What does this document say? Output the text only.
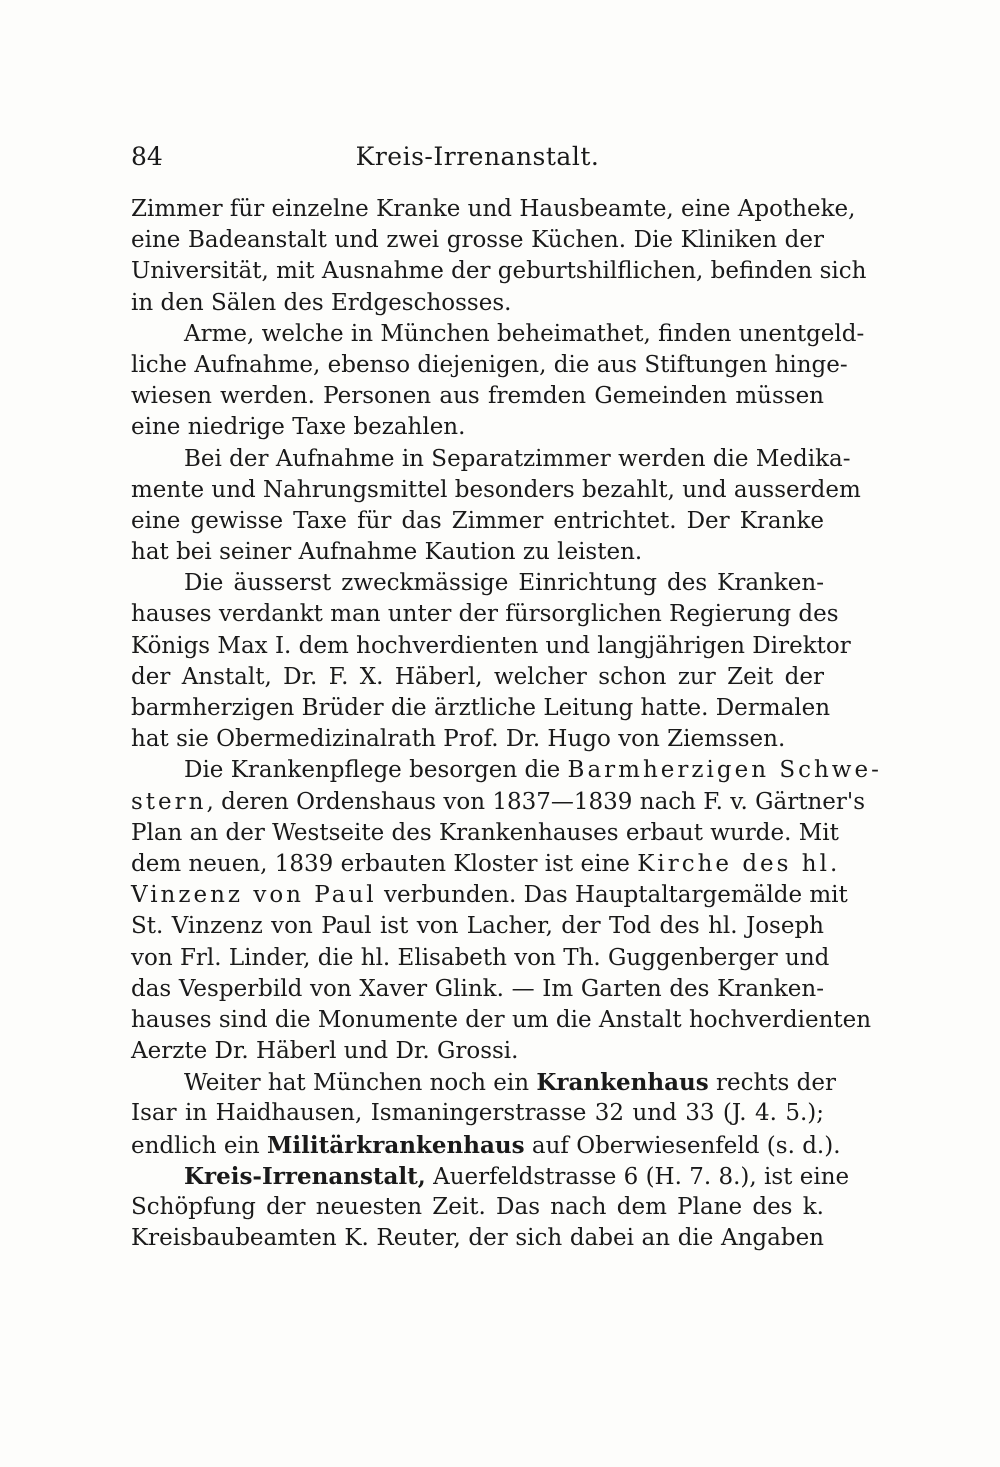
84	Kreis-Irrenanstalt.
Zimmer für einzelne Kranke und Hausbeamte, eine Apotheke,
eine Badeanstalt und zwei grosse Küchen. Die Kliniken der
Universität, mit Ausnahme der geburtshilflichen, befinden sich
in den Sälen des Erdgeschosses.
Arme, welche in München beheimathet, finden unentgeld-
liche Aufnahme, ebenso diejenigen, die aus Stiftungen hinge-
wiesen werden. Personen aus fremden Gemeinden müssen
eine niedrige Taxe bezahlen.
Bei der Aufnahme in Separatzimmer werden die Medika-
mente und Nahrungsmittel besonders bezahlt, und ausserdem
eine gewisse Taxe für das Zimmer entrichtet. Der Kranke
hat bei seiner Aufnahme Kaution zu leisten.
Die äusserst zweckmässige Einrichtung des Kranken-
hauses verdankt man unter der fürsorglichen Regierung des
Königs Max I. dem hochverdienten und langjährigen Direktor
der Anstalt, Dr. F. X. Häberl, welcher schon zur Zeit der
barmherzigen Brüder die ärztliche Leitung hatte. Dermalen
hat sie Obermedizinalrath Prof. Dr. Hugo von Ziemssen.
Die Krankenpflege besorgen die Barmherzigen Schwe-
stern, deren Ordenshaus von 1837—1839 nach F. v. Gärtner's
Plan an der Westseite des Krankenhauses erbaut wurde. Mit
dem neuen, 1839 erbauten Kloster ist eine Kirche des hl.
Vinzenz von Paul verbunden. Das Hauptaltargemälde mit
St. Vinzenz von Paul ist von Lacher, der Tod des hl. Joseph
von Frl. Linder, die hl. Elisabeth von Th. Guggenberger und
das Vesperbild von Xaver Glink. — Im Garten des Kranken-
hauses sind die Monumente der um die Anstalt hochverdienten
Aerzte Dr. Häberl und Dr. Grossi.
Weiter hat München noch ein Krankenhaus rechts der
Isar in Haidhausen, Ismaningerstrasse 32 und 33 (J. 4. 5.);
endlich ein Militärkrankenhaus auf Oberwiesenfeld (s. d.).
Kreis-Irrenanstalt, Auerfeldstrasse 6 (H. 7. 8.), ist eine
Schöpfung der neuesten Zeit. Das nach dem Plane des k.
Kreisbaubeamten K. Reuter, der sich dabei an die Angaben
